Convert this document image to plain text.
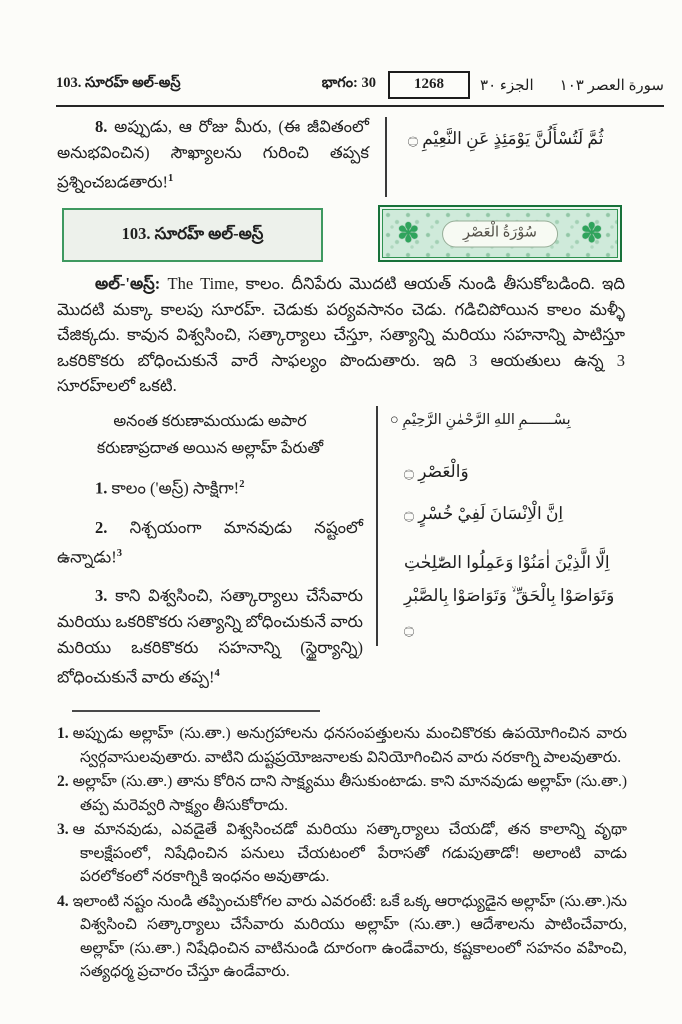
103. సూరహ్ అల్-అస్ర్	భాగం: 30	1268	الجزء ٣٠ سورة العصر ١٠٣

8. అప్పుడు, ఆ రోజు మీరు, (ఈ జీవితంలో అనుభవించిన) సౌఖ్యాలను గురించి తప్పక ప్రశ్నించబడతారు!$^1$

ثُمَّ لَتُسْأَلُنَّ يَوْمَئِذٍ عَنِ النَّعِيْمِ ۝
103. సూరహ్ అల్-అస్ర్	✽	✽
سُوْرَةُ الْعَصْرِ

అల్-'అస్ర్: The Time, కాలం. దీనిపేరు మొదటి ఆయత్ నుండి తీసుకోబడింది. ఇది మొదటి మక్కా కాలపు సూరహ్. చెడుకు పర్యవసానం చెడు. గడిచిపోయిన కాలం మళ్ళీ చేజిక్కదు. కావున విశ్వసించి, సత్కార్యాలు చేస్తూ, సత్యాన్ని మరియు సహనాన్ని పాటిస్తూ ఒకరికొకరు బోధించుకునే వారే సాఫల్యం పొందుతారు. ఇది 3 ఆయతులు ఉన్న 3 సూరహ్‌లలో ఒకటి.

అనంత కరుణామయుడు అపార కరుణాప్రదాత అయిన అల్లాహ్ పేరుతో

1. కాలం ('అస్ర్) సాక్షిగా!$^2$

2. నిశ్చయంగా మానవుడు నష్టంలో ఉన్నాడు!$^3$

3. కాని విశ్వసించి, సత్కార్యాలు చేసేవారు మరియు ఒకరికొకరు సత్యాన్ని బోధించుకునే వారు మరియు ఒకరికొకరు సహనాన్ని (స్థైర్యాన్ని) బోధించుకునే వారు తప్ప!$^4$

بِسْــــــمِ اللهِ الرَّحْمٰنِ الرَّحِيْمِ ○

وَالْعَصْرِ ۝
اِنَّ الْاِنْسَانَ لَفِيْ خُسْرٍ ۝
اِلَّا الَّذِيْنَ اٰمَنُوْا وَعَمِلُوا الصّٰلِحٰتِ وَتَوَاصَوْا بِالْحَقِّ ۙ وَتَوَاصَوْا بِالصَّبْرِ ۝

1. అప్పుడు అల్లాహ్ (సు.తా.) అనుగ్రహాలను ధనసంపత్తులను మంచికొరకు ఉపయోగించిన వారు స్వర్గవాసులవుతారు. వాటిని దుష్టప్రయోజనాలకు వినియోగించిన వారు నరకాగ్ని పాలవుతారు.

2. అల్లాహ్ (సు.తా.) తాను కోరిన దాని సాక్ష్యము తీసుకుంటాడు. కాని మానవుడు అల్లాహ్ (సు.తా.) తప్ప మరెవ్వరి సాక్ష్యం తీసుకోరాదు.

3. ఆ మానవుడు, ఎవడైతే విశ్వసించడో మరియు సత్కార్యాలు చేయడో, తన కాలాన్ని వృథా కాలక్షేపంలో, నిషేధించిన పనులు చేయటంలో పేరాసతో గడుపుతాడో! అలాంటి వాడు పరలోకంలో నరకాగ్నికి ఇంధనం అవుతాడు.

4. ఇలాంటి నష్టం నుండి తప్పించుకోగల వారు ఎవరంటే: ఒకే ఒక్క ఆరాధ్యుడైన అల్లాహ్ (సు.తా.)ను విశ్వసించి సత్కార్యాలు చేసేవారు మరియు అల్లాహ్ (సు.తా.) ఆదేశాలను పాటించేవారు, అల్లాహ్ (సు.తా.) నిషేధించిన వాటినుండి దూరంగా ఉండేవారు, కష్టకాలంలో సహనం వహించి, సత్యధర్మ ప్రచారం చేస్తూ ఉండేవారు.
